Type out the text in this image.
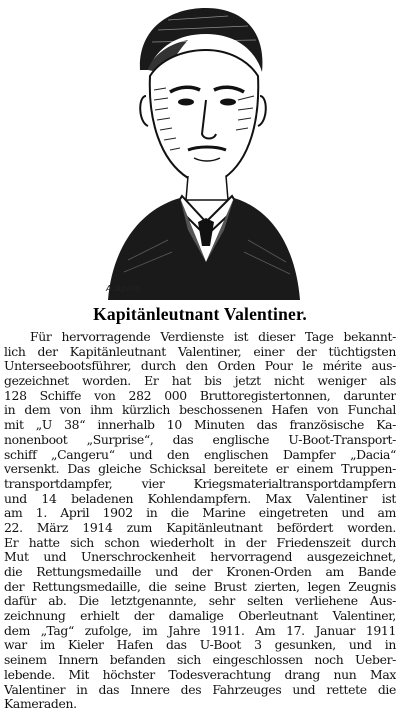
A.Aprim
Kapitänleutnant Valentiner.
Für hervorragende Verdienste ist dieser Tage bekannt-
lich der Kapitänleutnant Valentiner, einer der tüchtigsten
Unterseebootsführer, durch den Orden Pour le mérite aus-
gezeichnet worden. Er hat bis jetzt nicht weniger als
128 Schiffe von 282 000 Bruttoregistertonnen, darunter
in dem von ihm kürzlich beschossenen Hafen von Funchal
mit „U 38“ innerhalb 10 Minuten das französische Ka-
nonenboot „Surprise“, das englische U-Boot-Transport-
schiff „Cangeru“ und den englischen Dampfer „Dacia“
versenkt. Das gleiche Schicksal bereitete er einem Truppen-
transportdampfer, vier Kriegsmaterialtransportdampfern
und 14 beladenen Kohlendampfern. Max Valentiner ist
am 1. April 1902 in die Marine eingetreten und am
22. März 1914 zum Kapitänleutnant befördert worden.
Er hatte sich schon wiederholt in der Friedenszeit durch
Mut und Unerschrockenheit hervorragend ausgezeichnet,
die Rettungsmedaille und der Kronen-Orden am Bande
der Rettungsmedaille, die seine Brust zierten, legen Zeugnis
dafür ab. Die letztgenannte, sehr selten verliehene Aus-
zeichnung erhielt der damalige Oberleutnant Valentiner,
dem „Tag“ zufolge, im Jahre 1911. Am 17. Januar 1911
war im Kieler Hafen das U-Boot 3 gesunken, und in
seinem Innern befanden sich eingeschlossen noch Ueber-
lebende. Mit höchster Todesverachtung drang nun Max
Valentiner in das Innere des Fahrzeuges und rettete die
Kameraden.
